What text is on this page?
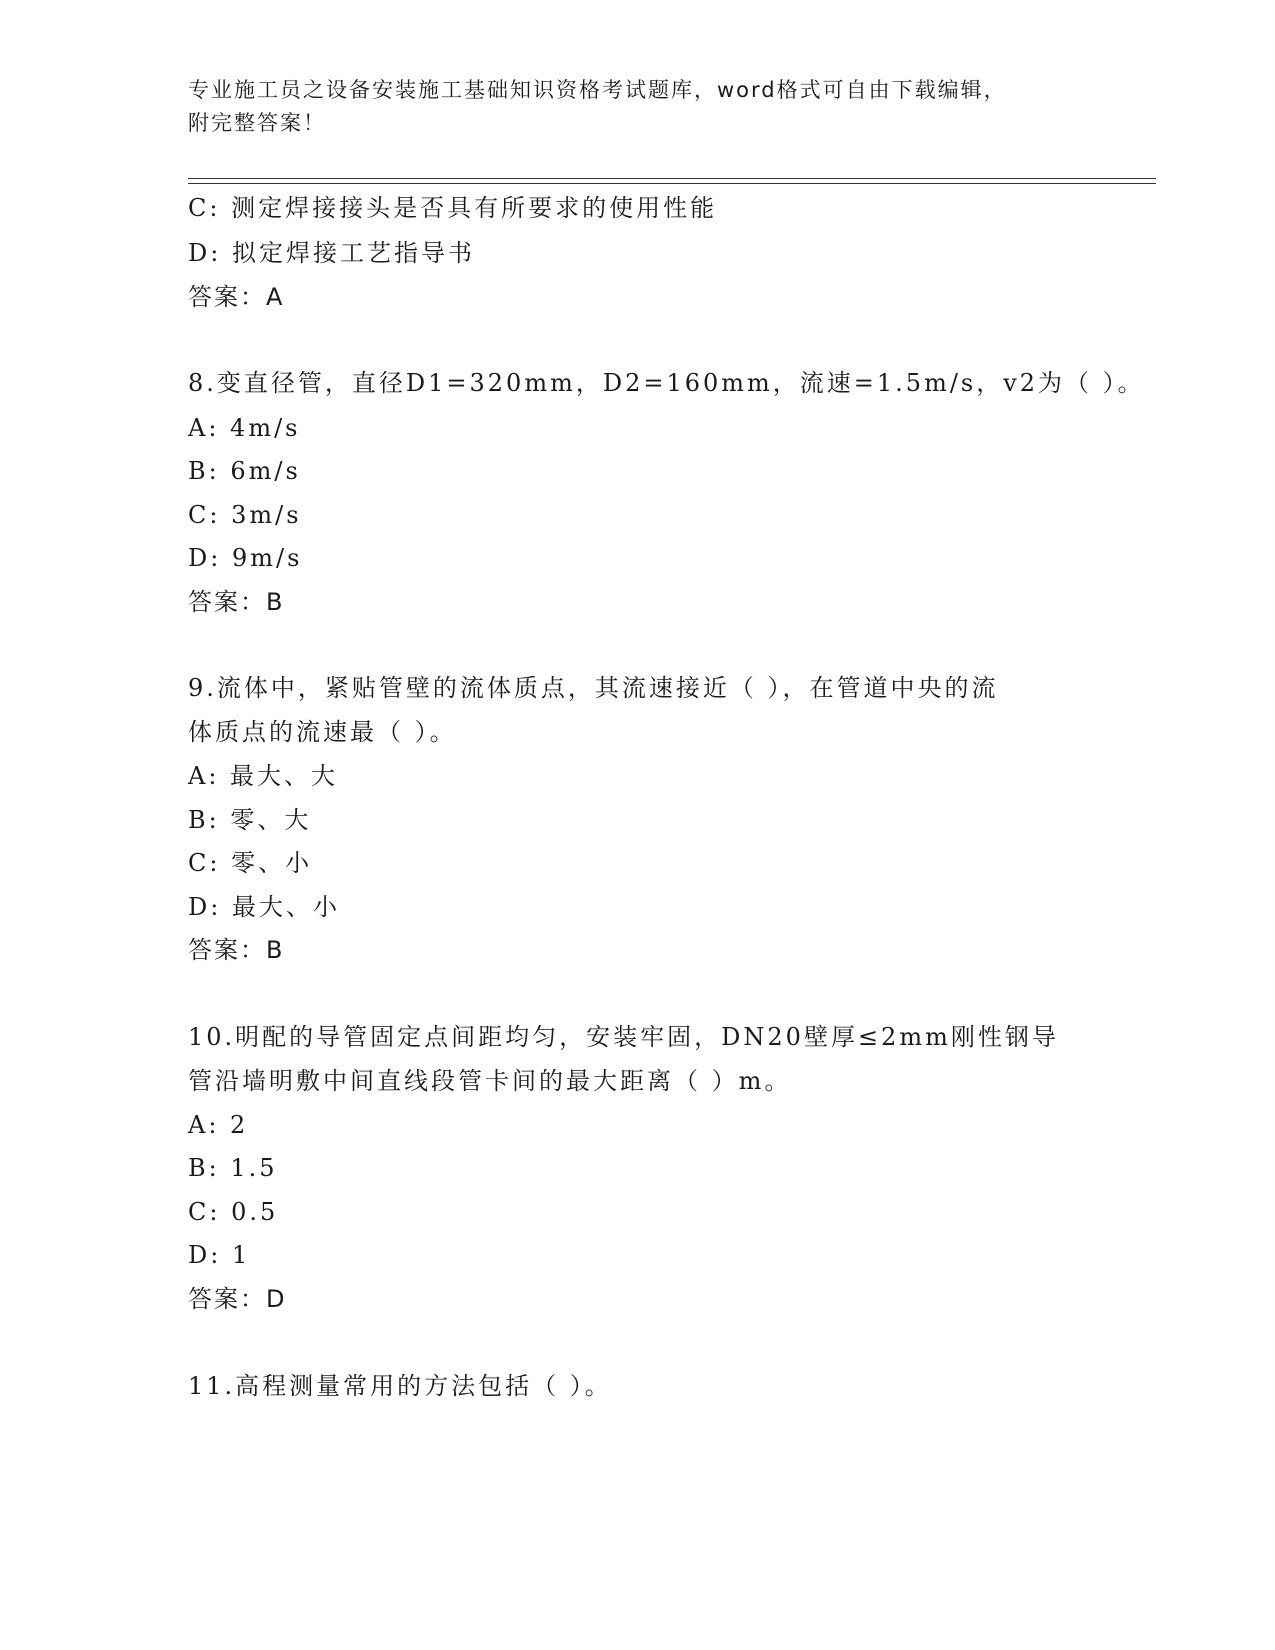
专业施工员之设备安装施工基础知识资格考试题库，word格式可自由下载编辑，
附完整答案！
C: 测定焊接接头是否具有所要求的使用性能
D: 拟定焊接工艺指导书
答案：A
8.变直径管，直径D1=320mm，D2=160mm，流速=1.5m/s，v2为（ ）。
A: 4m/s
B: 6m/s
C: 3m/s
D: 9m/s
答案：B
9.流体中，紧贴管壁的流体质点，其流速接近（ ），在管道中央的流
体质点的流速最（ ）。
A: 最大、大
B: 零、大
C: 零、小
D: 最大、小
答案：B
10.明配的导管固定点间距均匀，安装牢固，DN20壁厚≤2mm刚性钢导
管沿墙明敷中间直线段管卡间的最大距离（ ）m。
A: 2
B: 1.5
C: 0.5
D: 1
答案：D
11.高程测量常用的方法包括（ ）。
